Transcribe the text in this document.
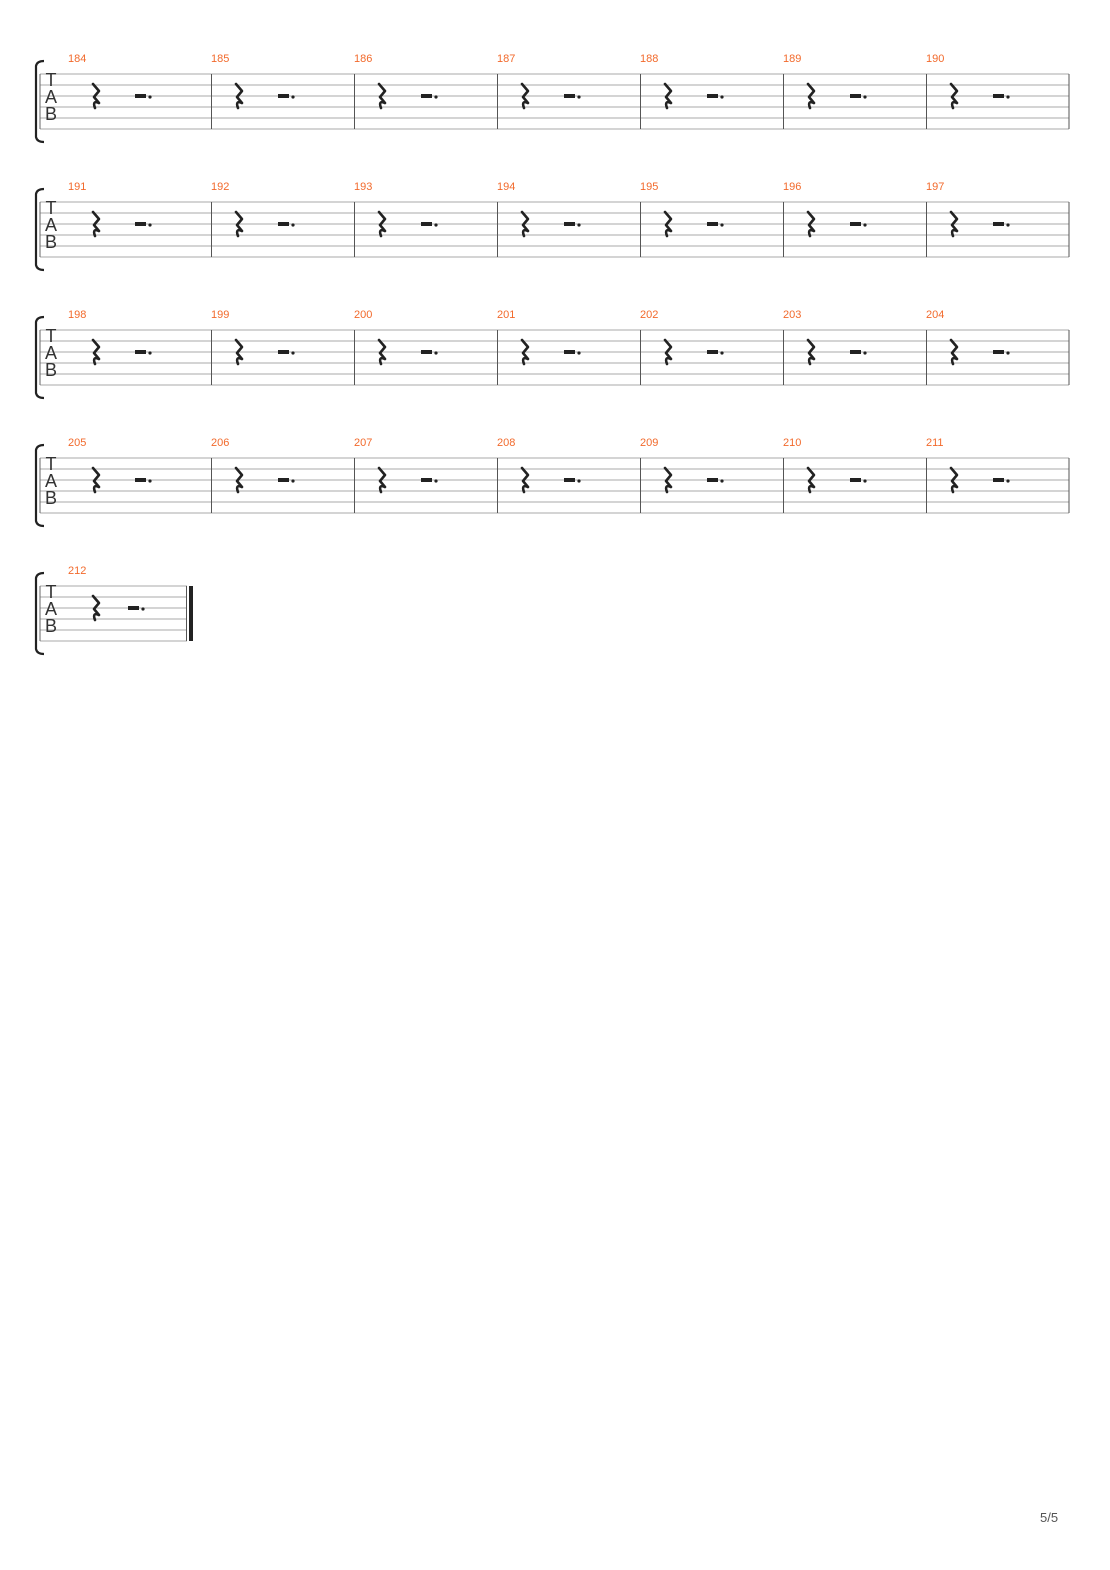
T
A
B
184	185	186	187	188	189	190
T
A
B
191	192	193	194	195	196	197
T
A
B
198	199	200	201	202	203	204
T
A
B
205	206	207	208	209	210	211
T
A
B
212
5/5
